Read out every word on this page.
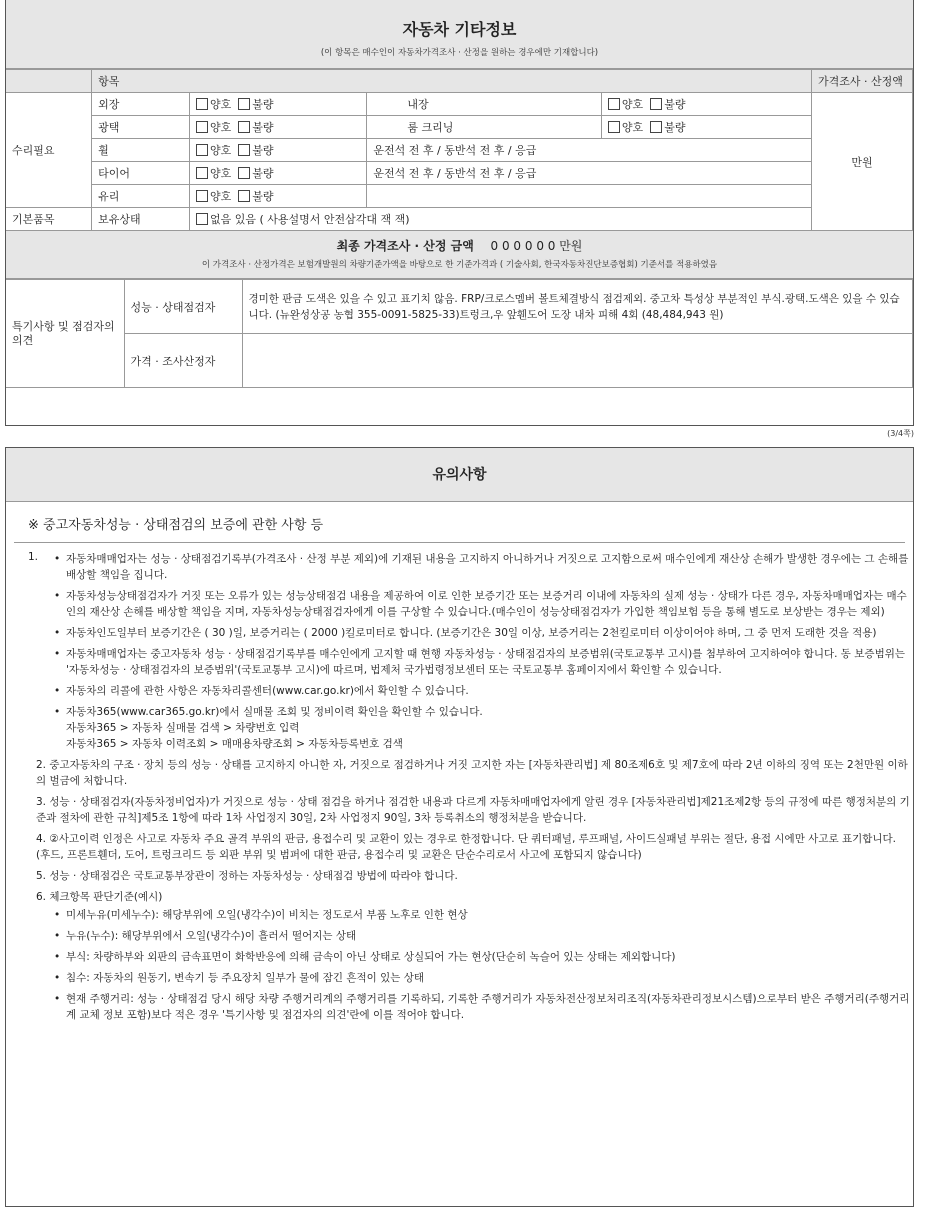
자동차 기타정보
(이 항목은 매수인이 자동차가격조사 · 산정을 원하는 경우에만 기재합니다)
	항목				가격조사 · 산정액
수리필요	외장	양호 불량	내장	양호 불량	만원
	광택	양호 불량	룸 크리닝	양호 불량	
	휠	양호 불량	운전석 전 후 / 동반석 전 후 / 응급		
	타이어	양호 불량	운전석 전 후 / 동반석 전 후 / 응급		
	유리	양호 불량			
기본품목	보유상태	없음 있음 ( 사용설명서 안전삼각대 잭 잭)			
최종 가격조사 · 산정 금액 0 0 0 0 0 0 만원
이 가격조사 · 산정가격은 보험개발원의 차량기준가액을 바탕으로 한 기준가격과 ( 기술사회, 한국자동차진단보증협회) 기준서를 적용하였음
특기사항 및 점검자의 의견	성능 · 상태점검자	경미한 판금 도색은 있을 수 있고 표기치 않음. FRP/크로스멤버 볼트체결방식 점검제외. 중고차 특성상 부분적인 부식.광택.도색은 있을 수 있습니다. (뉴완성상공 농협 355-0091-5825-33)트렁크,우 앞휀도어 도장 내차 피해 4회 (48,484,943 원)
	가격 · 조사산정자	
(3/4쪽)
유의사항
※ 중고자동차성능 · 상태점검의 보증에 관한 사항 등
1.	• 자동차매매업자는 성능 · 상태점검기록부(가격조사 · 산정 부분 제외)에 기재된 내용을 고지하지 아니하거나 거짓으로 고지함으로써 매수인에게 재산상 손해가 발생한 경우에는 그 손해를 배상할 책임을 집니다.
• 자동차성능상태점검자가 거짓 또는 오류가 있는 성능상태점검 내용을 제공하여 이로 인한 보증기간 또는 보증거리 이내에 자동차의 실제 성능 · 상태가 다른 경우, 자동차매매업자는 매수인의 재산상 손해를 배상할 책임을 지며, 자동차성능상태점검자에게 이를 구상할 수 있습니다.(매수인이 성능상태점검자가 가입한 책임보험 등을 통해 별도로 보상받는 경우는 제외)
• 자동차인도일부터 보증기간은 ( 30 )일, 보증거리는 ( 2000 )킬로미터로 합니다. (보증기간은 30일 이상, 보증거리는 2천킬로미터 이상이어야 하며, 그 중 먼저 도래한 것을 적용)
• 자동차매매업자는 중고자동차 성능 · 상태점검기록부를 매수인에게 고지할 때 현행 자동차성능 · 상태점검자의 보증범위(국토교통부 고시)를 첨부하여 고지하여야 합니다. 동 보증범위는 '자동차성능 · 상태점검자의 보증범위'(국토교통부 고시)에 따르며, 법제처 국가법령정보센터 또는 국토교통부 홈페이지에서 확인할 수 있습니다.
• 자동차의 리콜에 관한 사항은 자동차리콜센터(www.car.go.kr)에서 확인할 수 있습니다.
• 자동차365(www.car365.go.kr)에서 실매물 조회 및 정비이력 확인을 확인할 수 있습니다.
자동차365 > 자동차 실매물 검색 > 차량번호 입력
자동차365 > 자동차 이력조회 > 매매용차량조회 > 자동차등록번호 검색

2. 중고자동차의 구조 · 장치 등의 성능 · 상태를 고지하지 아니한 자, 거짓으로 점검하거나 거짓 고지한 자는 [자동차관리법] 제 80조제6호 및 제7호에 따라 2년 이하의 징역 또는 2천만원 이하의 벌금에 처합니다.

3. 성능 · 상태점검자(자동차정비업자)가 거짓으로 성능 · 상태 점검을 하거나 점검한 내용과 다르게 자동차매매업자에게 알린 경우 [자동차관리법]제21조제2항 등의 규정에 따른 행정처분의 기준과 절차에 관한 규칙]제5조 1항에 따라 1차 사업정지 30일, 2차 사업정지 90일, 3차 등록취소의 행정처분을 받습니다.

4. ②사고이력 인정은 사고로 자동차 주요 골격 부위의 판금, 용접수리 및 교환이 있는 경우로 한정합니다. 단 쿼터패널, 루프패널, 사이드실패널 부위는 절단, 용접 시에만 사고로 표기합니다. (후드, 프론트휀더, 도어, 트렁크리드 등 외판 부위 및 범퍼에 대한 판금, 용접수리 및 교환은 단순수리로서 사고에 포함되지 않습니다)

5. 성능 · 상태점검은 국토교통부장관이 정하는 자동차성능 · 상태점검 방법에 따라야 합니다.

6. 체크항목 판단기준(예시)

• 미세누유(미세누수): 해당부위에 오일(냉각수)이 비치는 정도로서 부품 노후로 인한 현상
• 누유(누수): 해당부위에서 오일(냉각수)이 흘러서 떨어지는 상태
• 부식: 차량하부와 외판의 금속표면이 화학반응에 의해 금속이 아닌 상태로 상실되어 가는 현상(단순히 녹슬어 있는 상태는 제외합니다)
• 침수: 자동차의 원동기, 변속기 등 주요장치 일부가 물에 잠긴 흔적이 있는 상태
• 현재 주행거리: 성능 · 상태점검 당시 해당 차량 주행거리계의 주행거리를 기록하되, 기록한 주행거리가 자동차전산정보처리조직(자동차관리정보시스템)으로부터 받은 주행거리(주행거리계 교체 정보 포함)보다 적은 경우 '특기사항 및 점검자의 의견'란에 이를 적어야 합니다.
